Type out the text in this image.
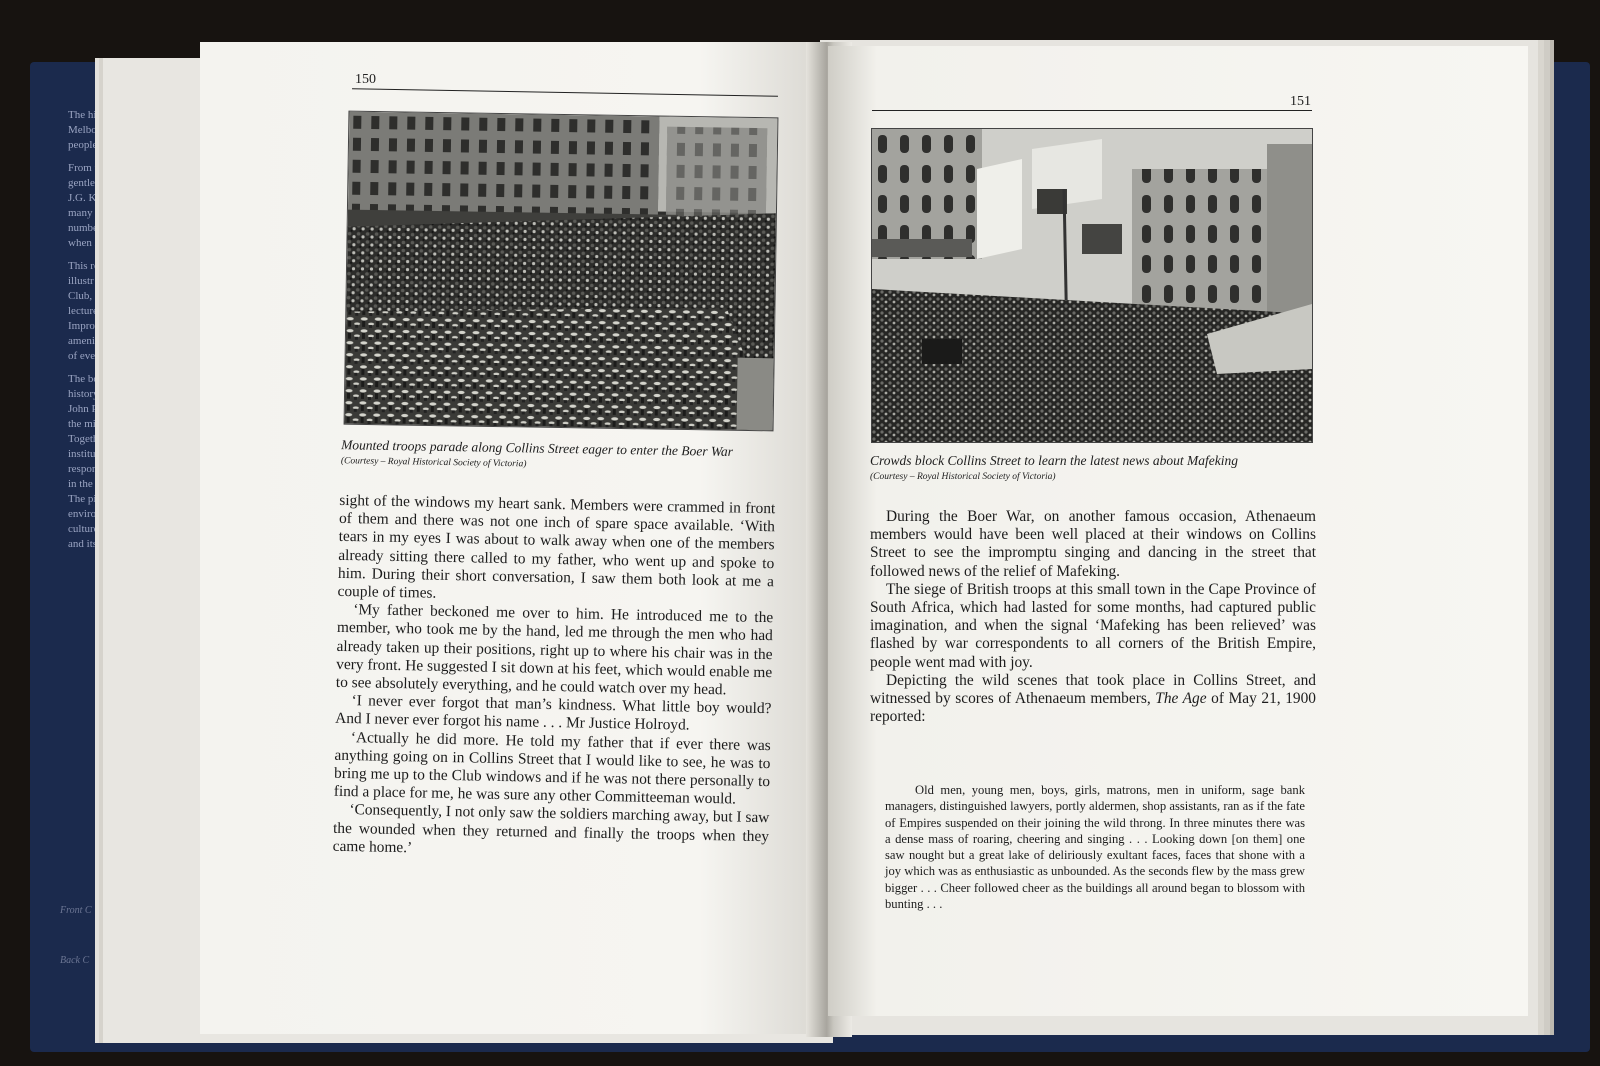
The his
Melbou
people

From t
gentler
J.G. Kr
many s
numbe
when i

This re
illustr
Club, f
lecture
Improv
ameni
of eve

The bo
history
John P
the mil
Togeth
institu
respon
in the s
The pi
enviro
culture
and its

Front C
Back C
150
Mounted troops parade along Collins Street eager to enter the Boer War
(Courtesy – Royal Historical Society of Victoria)

sight of the windows my heart sank. Members were crammed in front of them and there was not one inch of spare space available. ‘With tears in my eyes I was about to walk away when one of the members already sitting there called to my father, who went up and spoke to him. During their short conversation, I saw them both look at me a couple of times.

‘My father beckoned me over to him. He introduced me to the member, who took me by the hand, led me through the men who had already taken up their positions, right up to where his chair was in the very front. He suggested I sit down at his feet, which would enable me to see absolutely everything, and he could watch over my head.

‘I never ever forgot that man’s kindness. What little boy would? And I never ever forgot his name . . . Mr Justice Holroyd.

‘Actually he did more. He told my father that if ever there was anything going on in Collins Street that I would like to see, he was to bring me up to the Club windows and if he was not there personally to find a place for me, he was sure any other Committeeman would.

‘Consequently, I not only saw the soldiers marching away, but I saw the wounded when they returned and finally the troops when they came home.’

151
Crowds block Collins Street to learn the latest news about Mafeking
(Courtesy – Royal Historical Society of Victoria)

During the Boer War, on another famous occasion, Athenaeum members would have been well placed at their windows on Collins Street to see the impromptu singing and dancing in the street that followed news of the relief of Mafeking.

The siege of British troops at this small town in the Cape Province of South Africa, which had lasted for some months, had captured public imagination, and when the signal ‘Mafeking has been relieved’ was flashed by war correspondents to all corners of the British Empire, people went mad with joy.

Depicting the wild scenes that took place in Collins Street, and witnessed by scores of Athenaeum members, The Age of May 21, 1900 reported:

Old men, young men, boys, girls, matrons, men in uniform, sage bank managers, distinguished lawyers, portly aldermen, shop assistants, ran as if the fate of Empires suspended on their joining the wild throng. In three minutes there was a dense mass of roaring, cheering and singing . . . Looking down [on them] one saw nought but a great lake of deliriously exultant faces, faces that shone with a joy which was as enthusiastic as unbounded. As the seconds flew by the mass grew bigger . . . Cheer followed cheer as the buildings all around began to blossom with bunting . . .
